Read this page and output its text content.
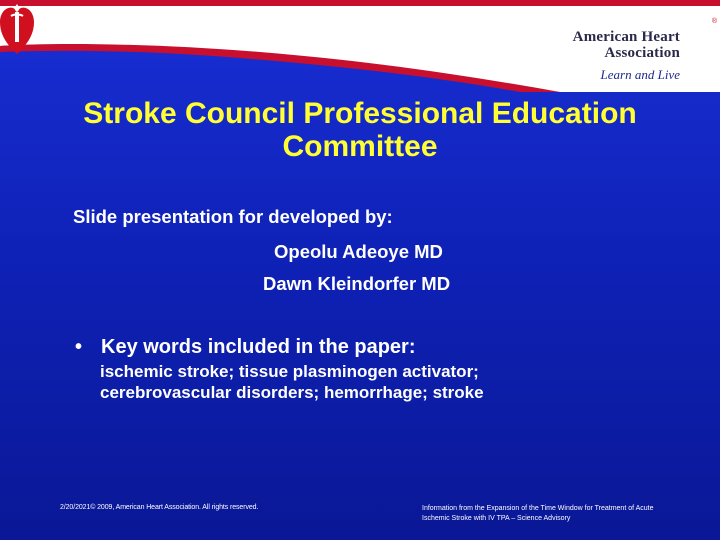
American Heart
Association
Learn and Live
®
Stroke Council Professional Education Committee
Slide presentation for developed by:
Opeolu Adeoye MD
Dawn Kleindorfer MD
• Key words included in the paper:
ischemic stroke; tissue plasminogen activator;
cerebrovascular disorders; hemorrhage; stroke
2/20/2021© 2009, American Heart Association. All rights reserved.	Information from the Expansion of the Time Window for Treatment of Acute
Ischemic Stroke with IV TPA – Science Advisory
